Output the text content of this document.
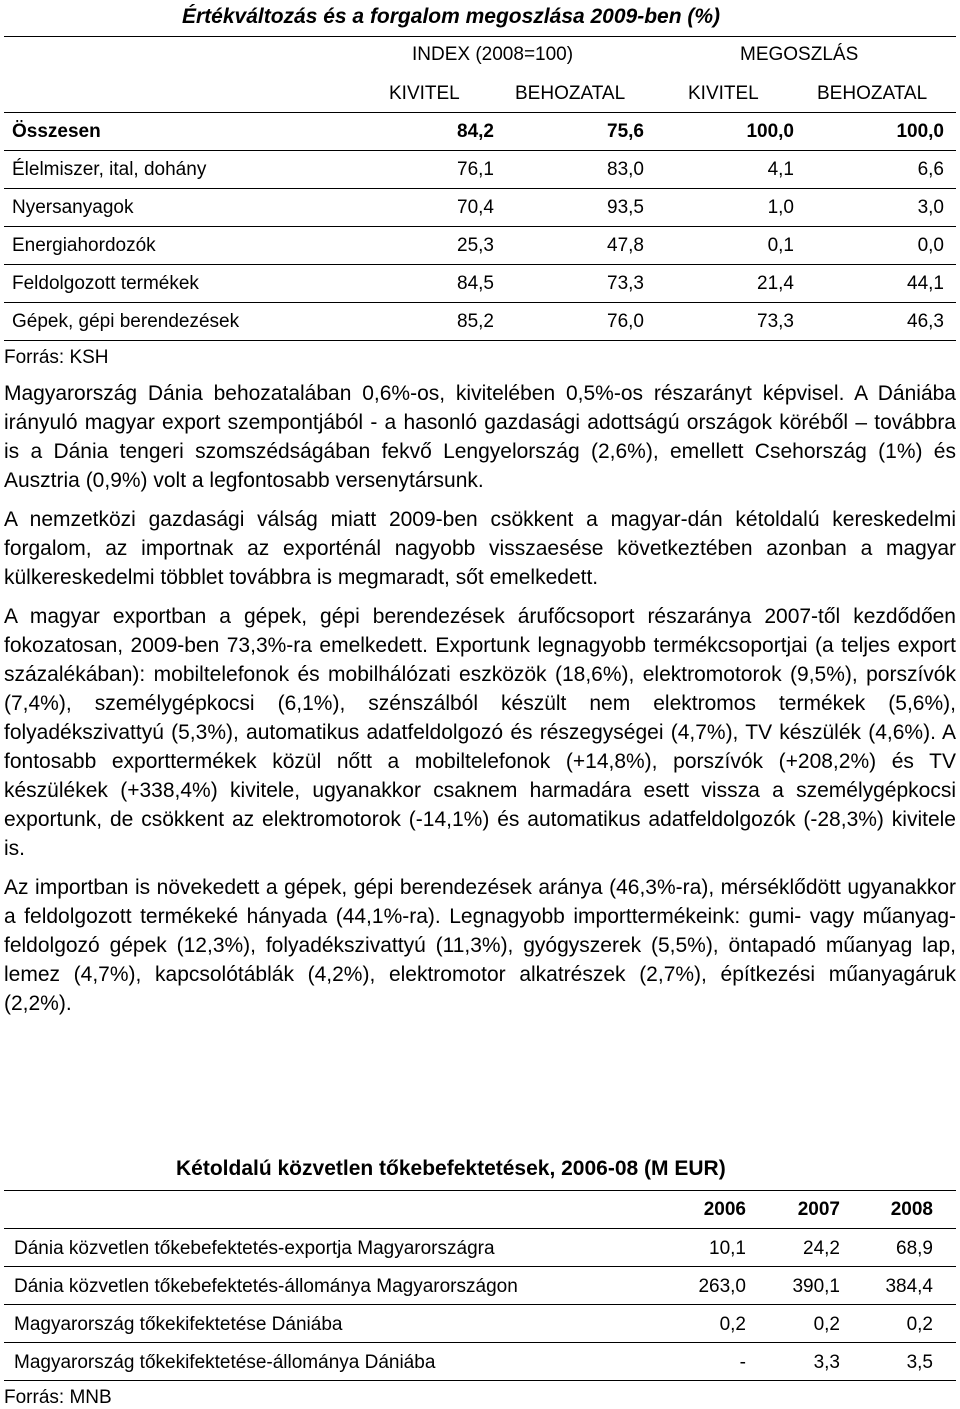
Értékváltozás és a forgalom megoszlása 2009-ben (%)
INDEX (2008=100)	MEGOSZLÁS
KIVITEL	BEHOZATAL	KIVITEL	BEHOZATAL
Összesen	84,2	75,6	100,0	100,0
Élelmiszer, ital, dohány	76,1	83,0	4,1	6,6
Nyersanyagok	70,4	93,5	1,0	3,0
Energiahordozók	25,3	47,8	0,1	0,0
Feldolgozott termékek	84,5	73,3	21,4	44,1
Gépek, gépi berendezések	85,2	76,0	73,3	46,3
Forrás: KSH

Magyarország Dánia behozatalában 0,6%-os, kivitelében 0,5%-os részarányt képvisel. A Dániába irányuló magyar export szempontjából - a hasonló gazdasági adottságú országok köréből – továbbra is a Dánia tengeri szomszédságában fekvő Lengyelország (2,6%), emellett Csehország (1%) és Ausztria (0,9%) volt a legfontosabb versenytársunk.

A nemzetközi gazdasági válság miatt 2009-ben csökkent a magyar-dán kétoldalú kereskedelmi forgalom, az importnak az exporténál nagyobb visszaesése következtében azonban a magyar külkereskedelmi többlet továbbra is megmaradt, sőt emelkedett.

A magyar exportban a gépek, gépi berendezések árufőcsoport részaránya 2007-től kezdődően fokozatosan, 2009-ben 73,3%-ra emelkedett. Exportunk legnagyobb termékcsoportjai (a teljes export százalékában): mobiltelefonok és mobilhálózati eszközök (18,6%), elektromotorok (9,5%), porszívók (7,4%), személygépkocsi (6,1%), szénszálból készült nem elektromos termékek (5,6%), folyadékszivattyú (5,3%), automatikus adatfeldolgozó és részegységei (4,7%), TV készülék (4,6%). A fontosabb exporttermékek közül nőtt a mobiltelefonok (+14,8%), porszívók (+208,2%) és TV készülékek (+338,4%) kivitele, ugyanakkor csaknem harmadára esett vissza a személygépkocsi exportunk, de csökkent az elektromotorok (-14,1%) és automatikus adatfeldolgozók (-28,3%) kivitele is.

Az importban is növekedett a gépek, gépi berendezések aránya (46,3%-ra), mérséklődött ugyanakkor a feldolgozott termékeké hányada (44,1%-ra). Legnagyobb importtermékeink: gumi- vagy műanyag-feldolgozó gépek (12,3%), folyadékszivattyú (11,3%), gyógyszerek (5,5%), öntapadó műanyag lap, lemez (4,7%), kapcsolótáblák (4,2%), elektromotor alkatrészek (2,7%), építkezési műanyagáruk (2,2%).

Kétoldalú közvetlen tőkebefektetések, 2006-08 (M EUR)
2006	2007	2008
Dánia közvetlen tőkebefektetés-exportja Magyarországra	10,1	24,2	68,9
Dánia közvetlen tőkebefektetés-állománya Magyarországon	263,0	390,1	384,4
Magyarország tőkekifektetése Dániába	0,2	0,2	0,2
Magyarország tőkekifektetése-állománya Dániába	-	3,3	3,5
Forrás: MNB
